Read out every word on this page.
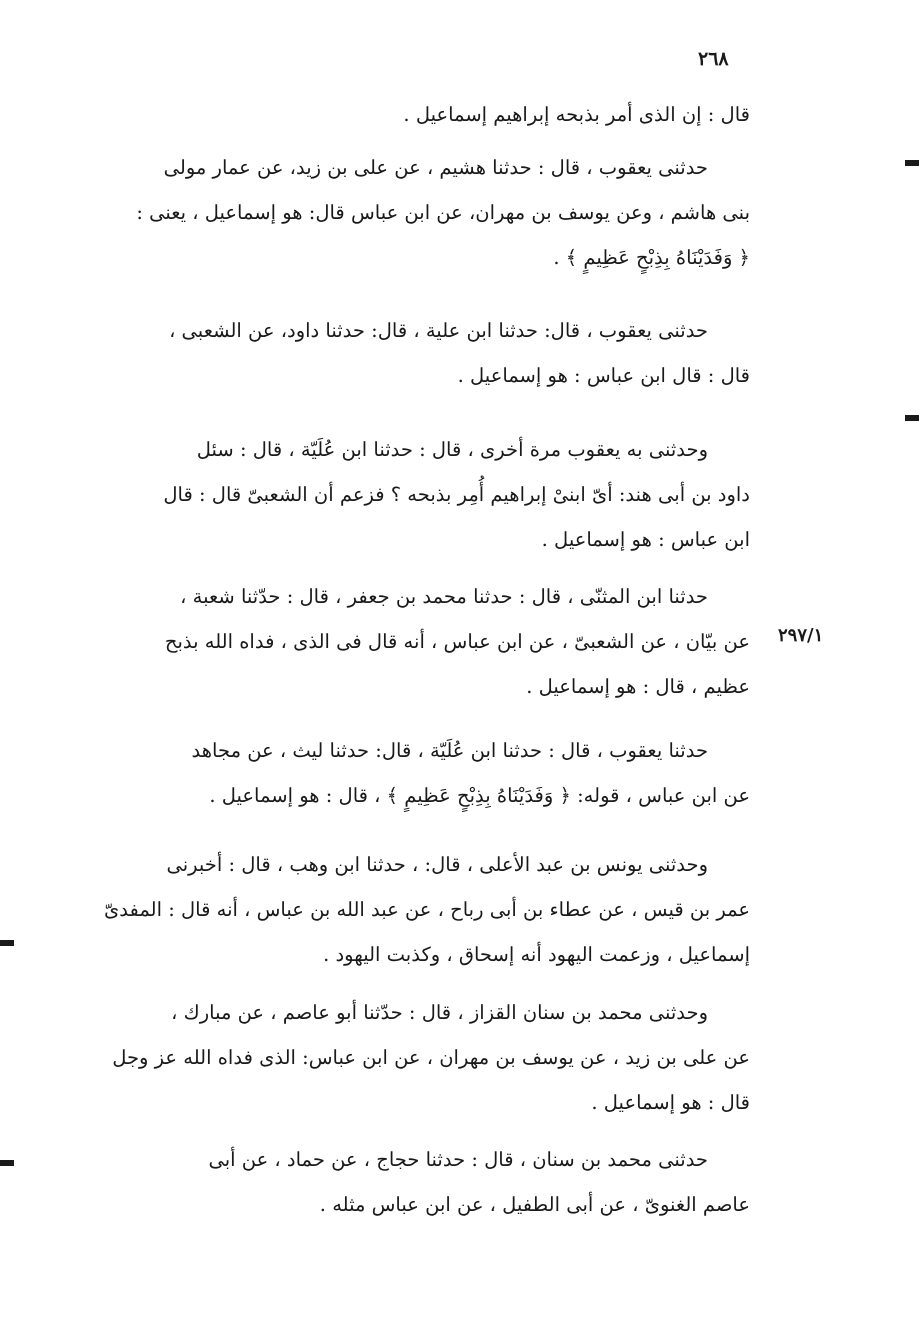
٢٦٨
٢٩٧/١
قال : إن الذى أمر بذبحه إبراهيم إسماعيل .
حدثنى يعقوب ، قال : حدثنا هشيم ، عن على بن زيد، عن عمار مولى
بنى هاشم ، وعن يوسف بن مهران، عن ابن عباس قال: هو إسماعيل ، يعنى :
﴿ وَفَدَيْنَاهُ بِذِبْحٍ عَظِيمٍ ﴾ .
حدثنى يعقوب ، قال: حدثنا ابن علية ، قال: حدثنا داود، عن الشعبى ،
قال : قال ابن عباس : هو إسماعيل .
وحدثنى به يعقوب مرة أخرى ، قال : حدثنا ابن عُلَيّة ، قال : سئل
داود بن أبى هند: أىّ ابنىْ إبراهيم أُمِر بذبحه ؟ فزعم أن الشعبىّ قال : قال
ابن عباس : هو إسماعيل .
حدثنا ابن المثنّى ، قال : حدثنا محمد بن جعفر ، قال : حدّثنا شعبة ،
عن بيّان ، عن الشعبىّ ، عن ابن عباس ، أنه قال فى الذى ، فداه الله بذبح
عظيم ، قال : هو إسماعيل .
حدثنا يعقوب ، قال : حدثنا ابن عُلَيّة ، قال: حدثنا ليث ، عن مجاهد
عن ابن عباس ، قوله: ﴿ وَفَدَيْنَاهُ بِذِبْحٍ عَظِيمٍ ﴾ ، قال : هو إسماعيل .
وحدثنى يونس بن عبد الأعلى ، قال: ، حدثنا ابن وهب ، قال : أخبرنى
عمر بن قيس ، عن عطاء بن أبى رباح ، عن عبد الله بن عباس ، أنه قال : المفدىّ
إسماعيل ، وزعمت اليهود أنه إسحاق ، وكذبت اليهود .
وحدثنى محمد بن سنان القزاز ، قال : حدّثنا أبو عاصم ، عن مبارك ،
عن على بن زيد ، عن يوسف بن مهران ، عن ابن عباس: الذى فداه الله عز وجل
قال : هو إسماعيل .
حدثنى محمد بن سنان ، قال : حدثنا حجاج ، عن حماد ، عن أبى
عاصم الغنوىّ ، عن أبى الطفيل ، عن ابن عباس مثله .
